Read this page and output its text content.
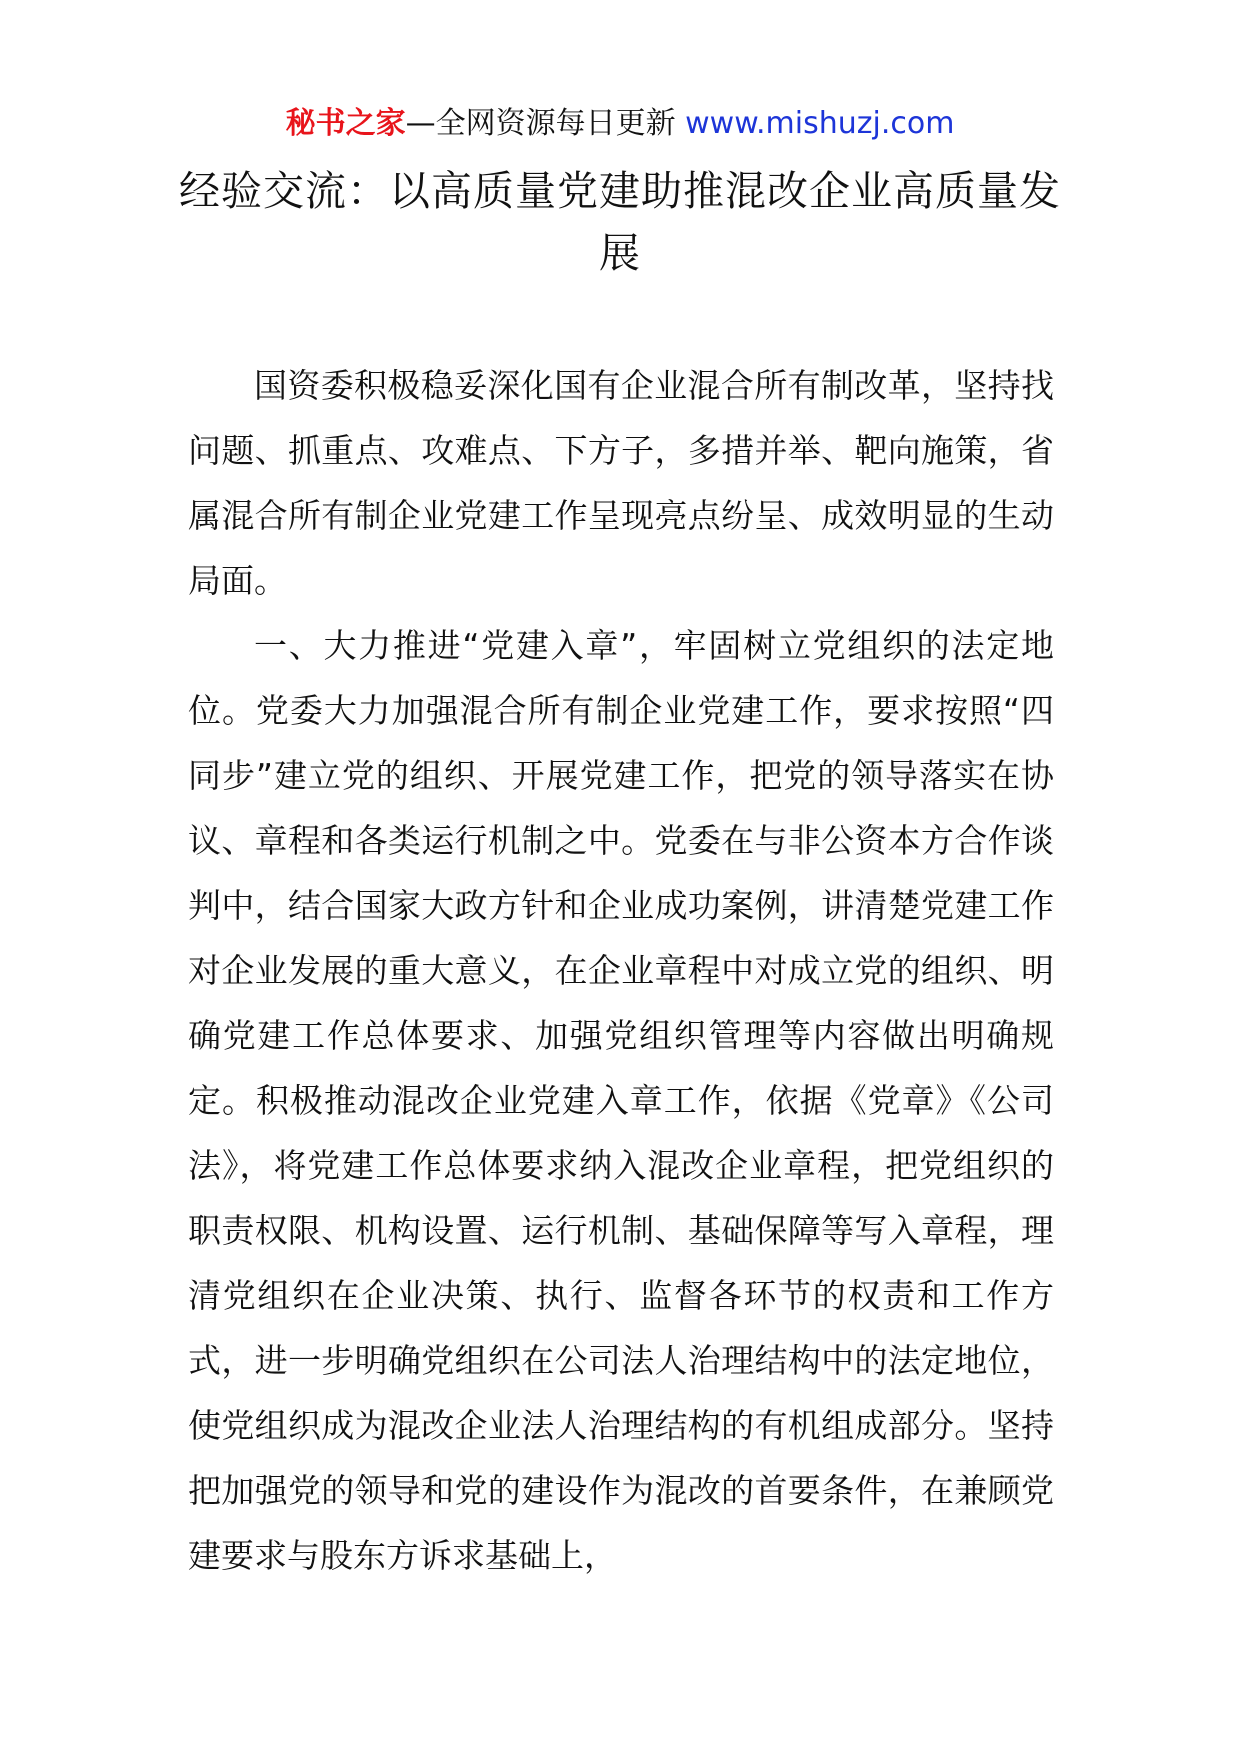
秘书之家—全网资源每日更新 www.mishuzj.com
经验交流：以高质量党建助推混改企业高质量发展

国资委积极稳妥深化国有企业混合所有制改革，坚持找问题、抓重点、攻难点、下方子，多措并举、靶向施策，省属混合所有制企业党建工作呈现亮点纷呈、成效明显的生动局面。

一、大力推进“党建入章”，牢固树立党组织的法定地位。党委大力加强混合所有制企业党建工作，要求按照“四同步”建立党的组织、开展党建工作，把党的领导落实在协议、章程和各类运行机制之中。党委在与非公资本方合作谈判中，结合国家大政方针和企业成功案例，讲清楚党建工作对企业发展的重大意义，在企业章程中对成立党的组织、明确党建工作总体要求、加强党组织管理等内容做出明确规定。积极推动混改企业党建入章工作，依据《党章》《公司法》，将党建工作总体要求纳入混改企业章程，把党组织的职责权限、机构设置、运行机制、基础保障等写入章程，理清党组织在企业决策、执行、监督各环节的权责和工作方式，进一步明确党组织在公司法人治理结构中的法定地位，使党组织成为混改企业法人治理结构的有机组成部分。坚持把加强党的领导和党的建设作为混改的首要条件，在兼顾党建要求与股东方诉求基础上，
